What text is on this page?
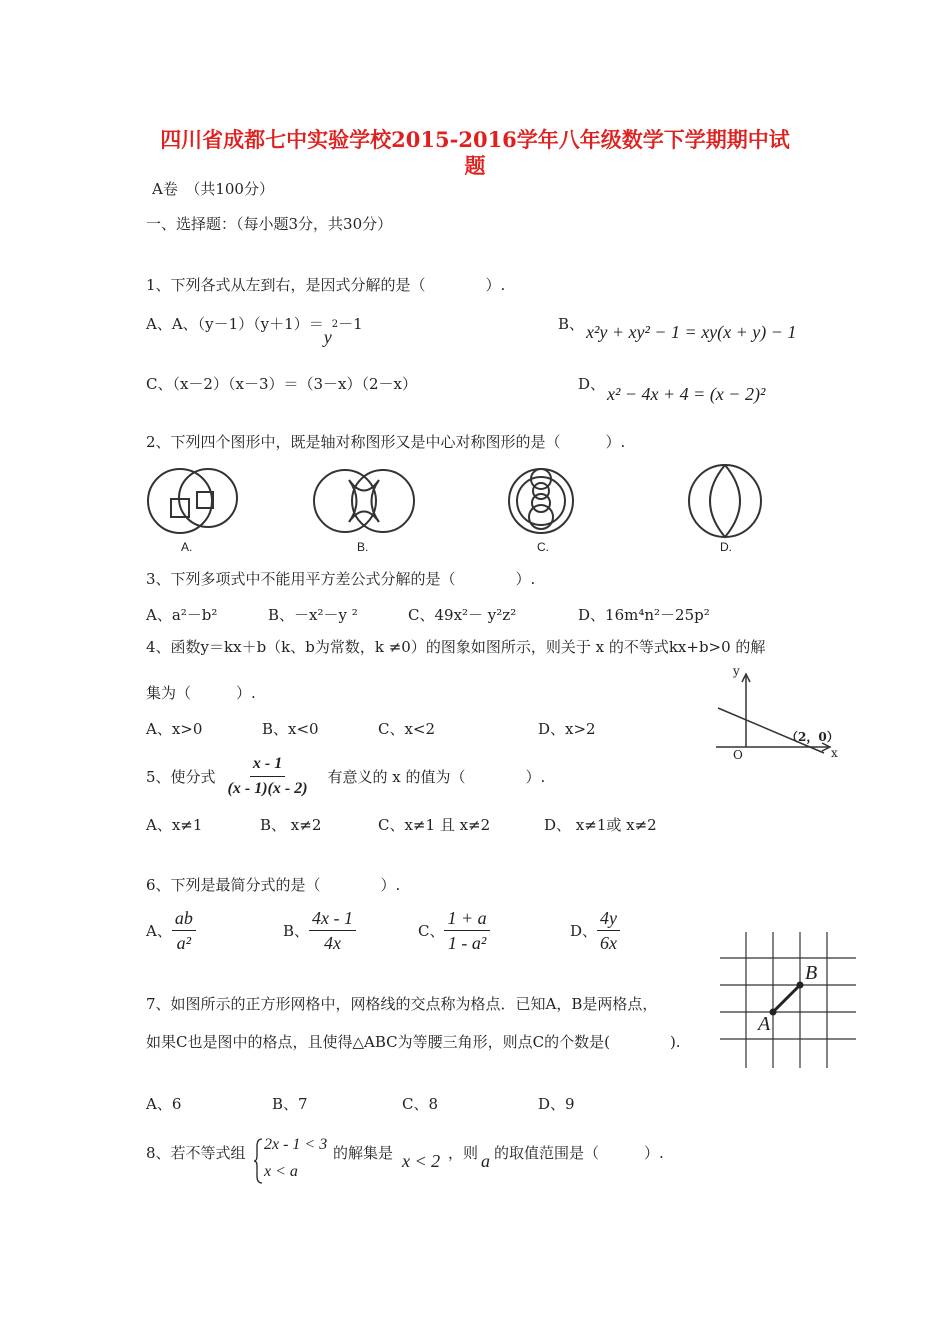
四川省成都七中实验学校2015-2016学年八年级数学下学期期中试
题
A卷　（共100分）
一、选择题：（每小题3分，共30分）
1、下列各式从左到右，是因式分解的是（　　　　）.
A、A、$(y-1)(y+1)=y^2-1$	B、 x²y + xy² − 1 = xy(x + y) − 1
C、（x－2）（x－3）＝（3－x）（2－x）	D、 x² − 4x + 4 = (x − 2)²
2、下列四个图形中，既是轴对称图形又是中心对称图形的是（　　　）.
A.	B.	C.	D.
3、下列多项式中不能用平方差公式分解的是（　　　　）.
A、a²－b²	B、－x²－y ²	C、49x²－ y²z²	D、16m⁴n²－25p²
4、函数y＝kx＋b（k、b为常数，k ≠0）的图象如图所示，则关于 x 的不等式kx+b>0 的解
集为（　　　）.
A、x>0	B、x<0	C、x<2	D、x>2
y
x
O
（2，0）
5、使分式 $\frac{x - 1}{(x - 1)(x - 2)}$ 有意义的 x 的值为（　　　　）.
A、x≠1	B、 x≠2	C、x≠1 且 x≠2	D、 x≠1或 x≠2
6、下列是最简分式的是（　　　　）.
A、 $\frac{ab}{\text{a²}}$	B、 $\frac{4x - 1}{4x}$	C、 $\frac{1 + a}{\text{1 - a²}}$	D、 $\frac{4y}{6x}$
B
A
7、如图所示的正方形网格中，网格线的交点称为格点．已知A，B是两格点，
如果C也是图中的格点，且使得△ABC为等腰三角形，则点C的个数是(　　　　).
A、6	B、7	C、8	D、9
8、若不等式组 2x - 1 < 3
x < a
的解集是 x < 2 ，则 a 的取值范围是（　　　）.
